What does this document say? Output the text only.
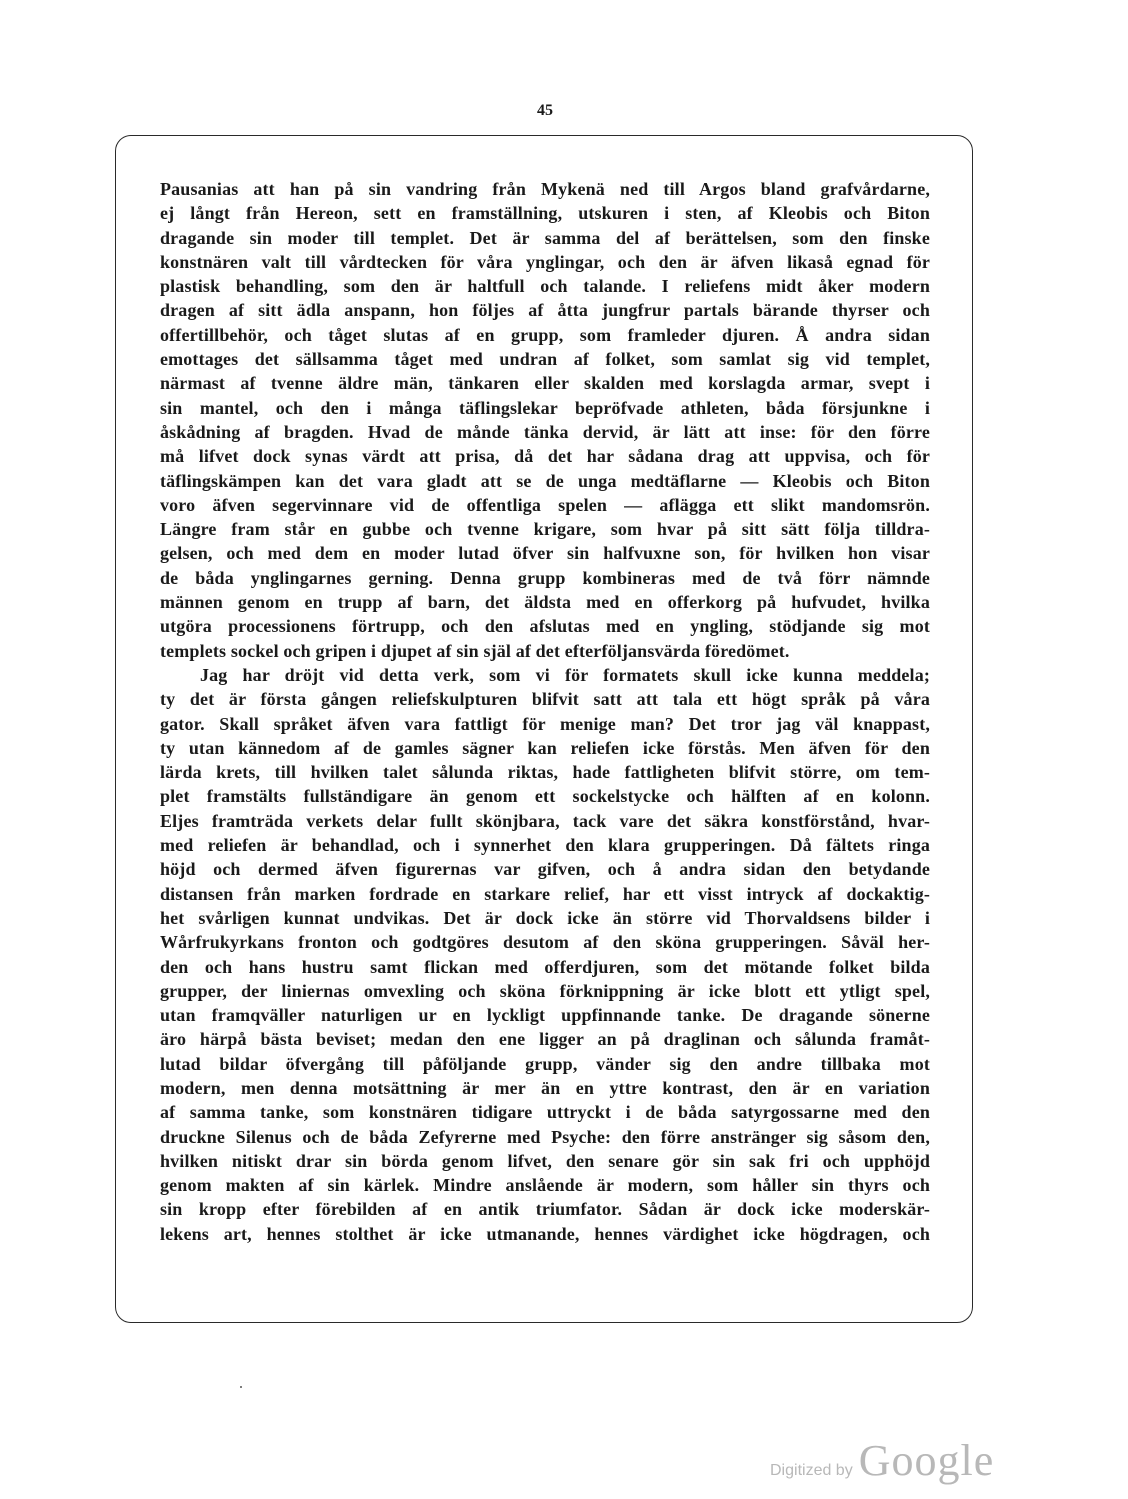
45
Pausanias att han på sin vandring från Mykenä ned till Argos bland grafvårdarne,
ej långt från Hereon, sett en framställning, utskuren i sten, af Kleobis och Biton
dragande sin moder till templet. Det är samma del af berättelsen, som den finske
konstnären valt till vårdtecken för våra ynglingar, och den är äfven likaså egnad för
plastisk behandling, som den är haltfull och talande. I reliefens midt åker modern
dragen af sitt ädla anspann, hon följes af åtta jungfrur partals bärande thyrser och
offertillbehör, och tåget slutas af en grupp, som framleder djuren. Å andra sidan
emottages det sällsamma tåget med undran af folket, som samlat sig vid templet,
närmast af tvenne äldre män, tänkaren eller skalden med korslagda armar, svept i
sin mantel, och den i många täflingslekar bepröfvade athleten, båda försjunkne i
åskådning af bragden. Hvad de månde tänka dervid, är lätt att inse: för den förre
må lifvet dock synas värdt att prisa, då det har sådana drag att uppvisa, och för
täflingskämpen kan det vara gladt att se de unga medtäflarne — Kleobis och Biton
voro äfven segervinnare vid de offentliga spelen — aflägga ett slikt mandomsrön.
Längre fram står en gubbe och tvenne krigare, som hvar på sitt sätt följa tilldra-
gelsen, och med dem en moder lutad öfver sin halfvuxne son, för hvilken hon visar
de båda ynglingarnes gerning. Denna grupp kombineras med de två förr nämnde
männen genom en trupp af barn, det äldsta med en offerkorg på hufvudet, hvilka
utgöra processionens förtrupp, och den afslutas med en yngling, stödjande sig mot
templets sockel och gripen i djupet af sin själ af det efterföljansvärda föredömet.
Jag har dröjt vid detta verk, som vi för formatets skull icke kunna meddela;
ty det är första gången reliefskulpturen blifvit satt att tala ett högt språk på våra
gator. Skall språket äfven vara fattligt för menige man? Det tror jag väl knappast,
ty utan kännedom af de gamles sägner kan reliefen icke förstås. Men äfven för den
lärda krets, till hvilken talet sålunda riktas, hade fattligheten blifvit större, om tem-
plet framstälts fullständigare än genom ett sockelstycke och hälften af en kolonn.
Eljes framträda verkets delar fullt skönjbara, tack vare det säkra konstförstånd, hvar-
med reliefen är behandlad, och i synnerhet den klara grupperingen. Då fältets ringa
höjd och dermed äfven figurernas var gifven, och å andra sidan den betydande
distansen från marken fordrade en starkare relief, har ett visst intryck af dockaktig-
het svårligen kunnat undvikas. Det är dock icke än större vid Thorvaldsens bilder i
Wårfrukyrkans fronton och godtgöres desutom af den sköna grupperingen. Såväl her-
den och hans hustru samt flickan med offerdjuren, som det mötande folket bilda
grupper, der liniernas omvexling och sköna förknippning är icke blott ett ytligt spel,
utan framqväller naturligen ur en lyckligt uppfinnande tanke. De dragande sönerne
äro härpå bästa beviset; medan den ene ligger an på draglinan och sålunda framåt-
lutad bildar öfvergång till påföljande grupp, vänder sig den andre tillbaka mot
modern, men denna motsättning är mer än en yttre kontrast, den är en variation
af samma tanke, som konstnären tidigare uttryckt i de båda satyrgossarne med den
druckne Silenus och de båda Zefyrerne med Psyche: den förre anstränger sig såsom den,
hvilken nitiskt drar sin börda genom lifvet, den senare gör sin sak fri och upphöjd
genom makten af sin kärlek. Mindre anslående är modern, som håller sin thyrs och
sin kropp efter förebilden af en antik triumfator. Sådan är dock icke moderskär-
lekens art, hennes stolthet är icke utmanande, hennes värdighet icke högdragen, och
Digitized by Google
